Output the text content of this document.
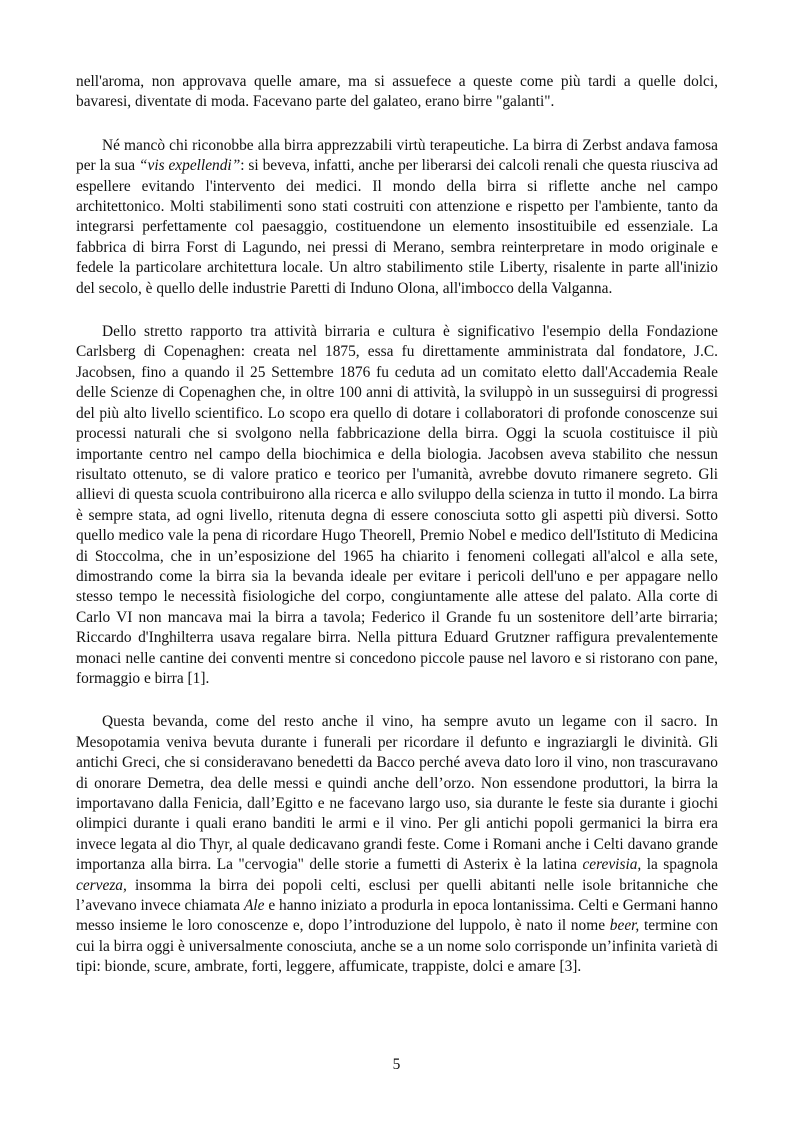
nell'aroma, non approvava quelle amare, ma si assuefece a queste come più tardi a quelle dolci, bavaresi, diventate di moda. Facevano parte del galateo, erano birre "galanti".

Né mancò chi riconobbe alla birra apprezzabili virtù terapeutiche. La birra di Zerbst andava famosa per la sua “vis expellendi”: si beveva, infatti, anche per liberarsi dei calcoli renali che questa riusciva ad espellere evitando l'intervento dei medici. Il mondo della birra si riflette anche nel campo architettonico. Molti stabilimenti sono stati costruiti con attenzione e rispetto per l'ambiente, tanto da integrarsi perfettamente col paesaggio, costituendone un elemento insostituibile ed essenziale. La fabbrica di birra Forst di Lagundo, nei pressi di Merano, sembra reinterpretare in modo originale e fedele la particolare architettura locale. Un altro stabilimento stile Liberty, risalente in parte all'inizio del secolo, è quello delle industrie Paretti di Induno Olona, all'imbocco della Valganna.

Dello stretto rapporto tra attività birraria e cultura è significativo l'esempio della Fondazione Carlsberg di Copenaghen: creata nel 1875, essa fu direttamente amministrata dal fondatore, J.C. Jacobsen, fino a quando il 25 Settembre 1876 fu ceduta ad un comitato eletto dall'Accademia Reale delle Scienze di Copenaghen che, in oltre 100 anni di attività, la sviluppò in un susseguirsi di progressi del più alto livello scientifico. Lo scopo era quello di dotare i collaboratori di profonde conoscenze sui processi naturali che si svolgono nella fabbricazione della birra. Oggi la scuola costituisce il più importante centro nel campo della biochimica e della biologia. Jacobsen aveva stabilito che nessun risultato ottenuto, se di valore pratico e teorico per l'umanità, avrebbe dovuto rimanere segreto. Gli allievi di questa scuola contribuirono alla ricerca e allo sviluppo della scienza in tutto il mondo. La birra è sempre stata, ad ogni livello, ritenuta degna di essere conosciuta sotto gli aspetti più diversi. Sotto quello medico vale la pena di ricordare Hugo Theorell, Premio Nobel e medico dell'Istituto di Medicina di Stoccolma, che in un’esposizione del 1965 ha chiarito i fenomeni collegati all'alcol e alla sete, dimostrando come la birra sia la bevanda ideale per evitare i pericoli dell'uno e per appagare nello stesso tempo le necessità fisiologiche del corpo, congiuntamente alle attese del palato. Alla corte di Carlo VI non mancava mai la birra a tavola; Federico il Grande fu un sostenitore dell’arte birraria; Riccardo d'Inghilterra usava regalare birra. Nella pittura Eduard Grutzner raffigura prevalentemente monaci nelle cantine dei conventi mentre si concedono piccole pause nel lavoro e si ristorano con pane, formaggio e birra [1].

Questa bevanda, come del resto anche il vino, ha sempre avuto un legame con il sacro. In Mesopotamia veniva bevuta durante i funerali per ricordare il defunto e ingraziargli le divinità. Gli antichi Greci, che si consideravano benedetti da Bacco perché aveva dato loro il vino, non trascuravano di onorare Demetra, dea delle messi e quindi anche dell’orzo. Non essendone produttori, la birra la importavano dalla Fenicia, dall’Egitto e ne facevano largo uso, sia durante le feste sia durante i giochi olimpici durante i quali erano banditi le armi e il vino. Per gli antichi popoli germanici la birra era invece legata al dio Thyr, al quale dedicavano grandi feste. Come i Romani anche i Celti davano grande importanza alla birra. La "cervogia" delle storie a fumetti di Asterix è la latina cerevisia, la spagnola cerveza, insomma la birra dei popoli celti, esclusi per quelli abitanti nelle isole britanniche che l’avevano invece chiamata Ale e hanno iniziato a produrla in epoca lontanissima. Celti e Germani hanno messo insieme le loro conoscenze e, dopo l’introduzione del luppolo, è nato il nome beer, termine con cui la birra oggi è universalmente conosciuta, anche se a un nome solo corrisponde un’infinita varietà di tipi: bionde, scure, ambrate, forti, leggere, affumicate, trappiste, dolci e amare [3].

5
